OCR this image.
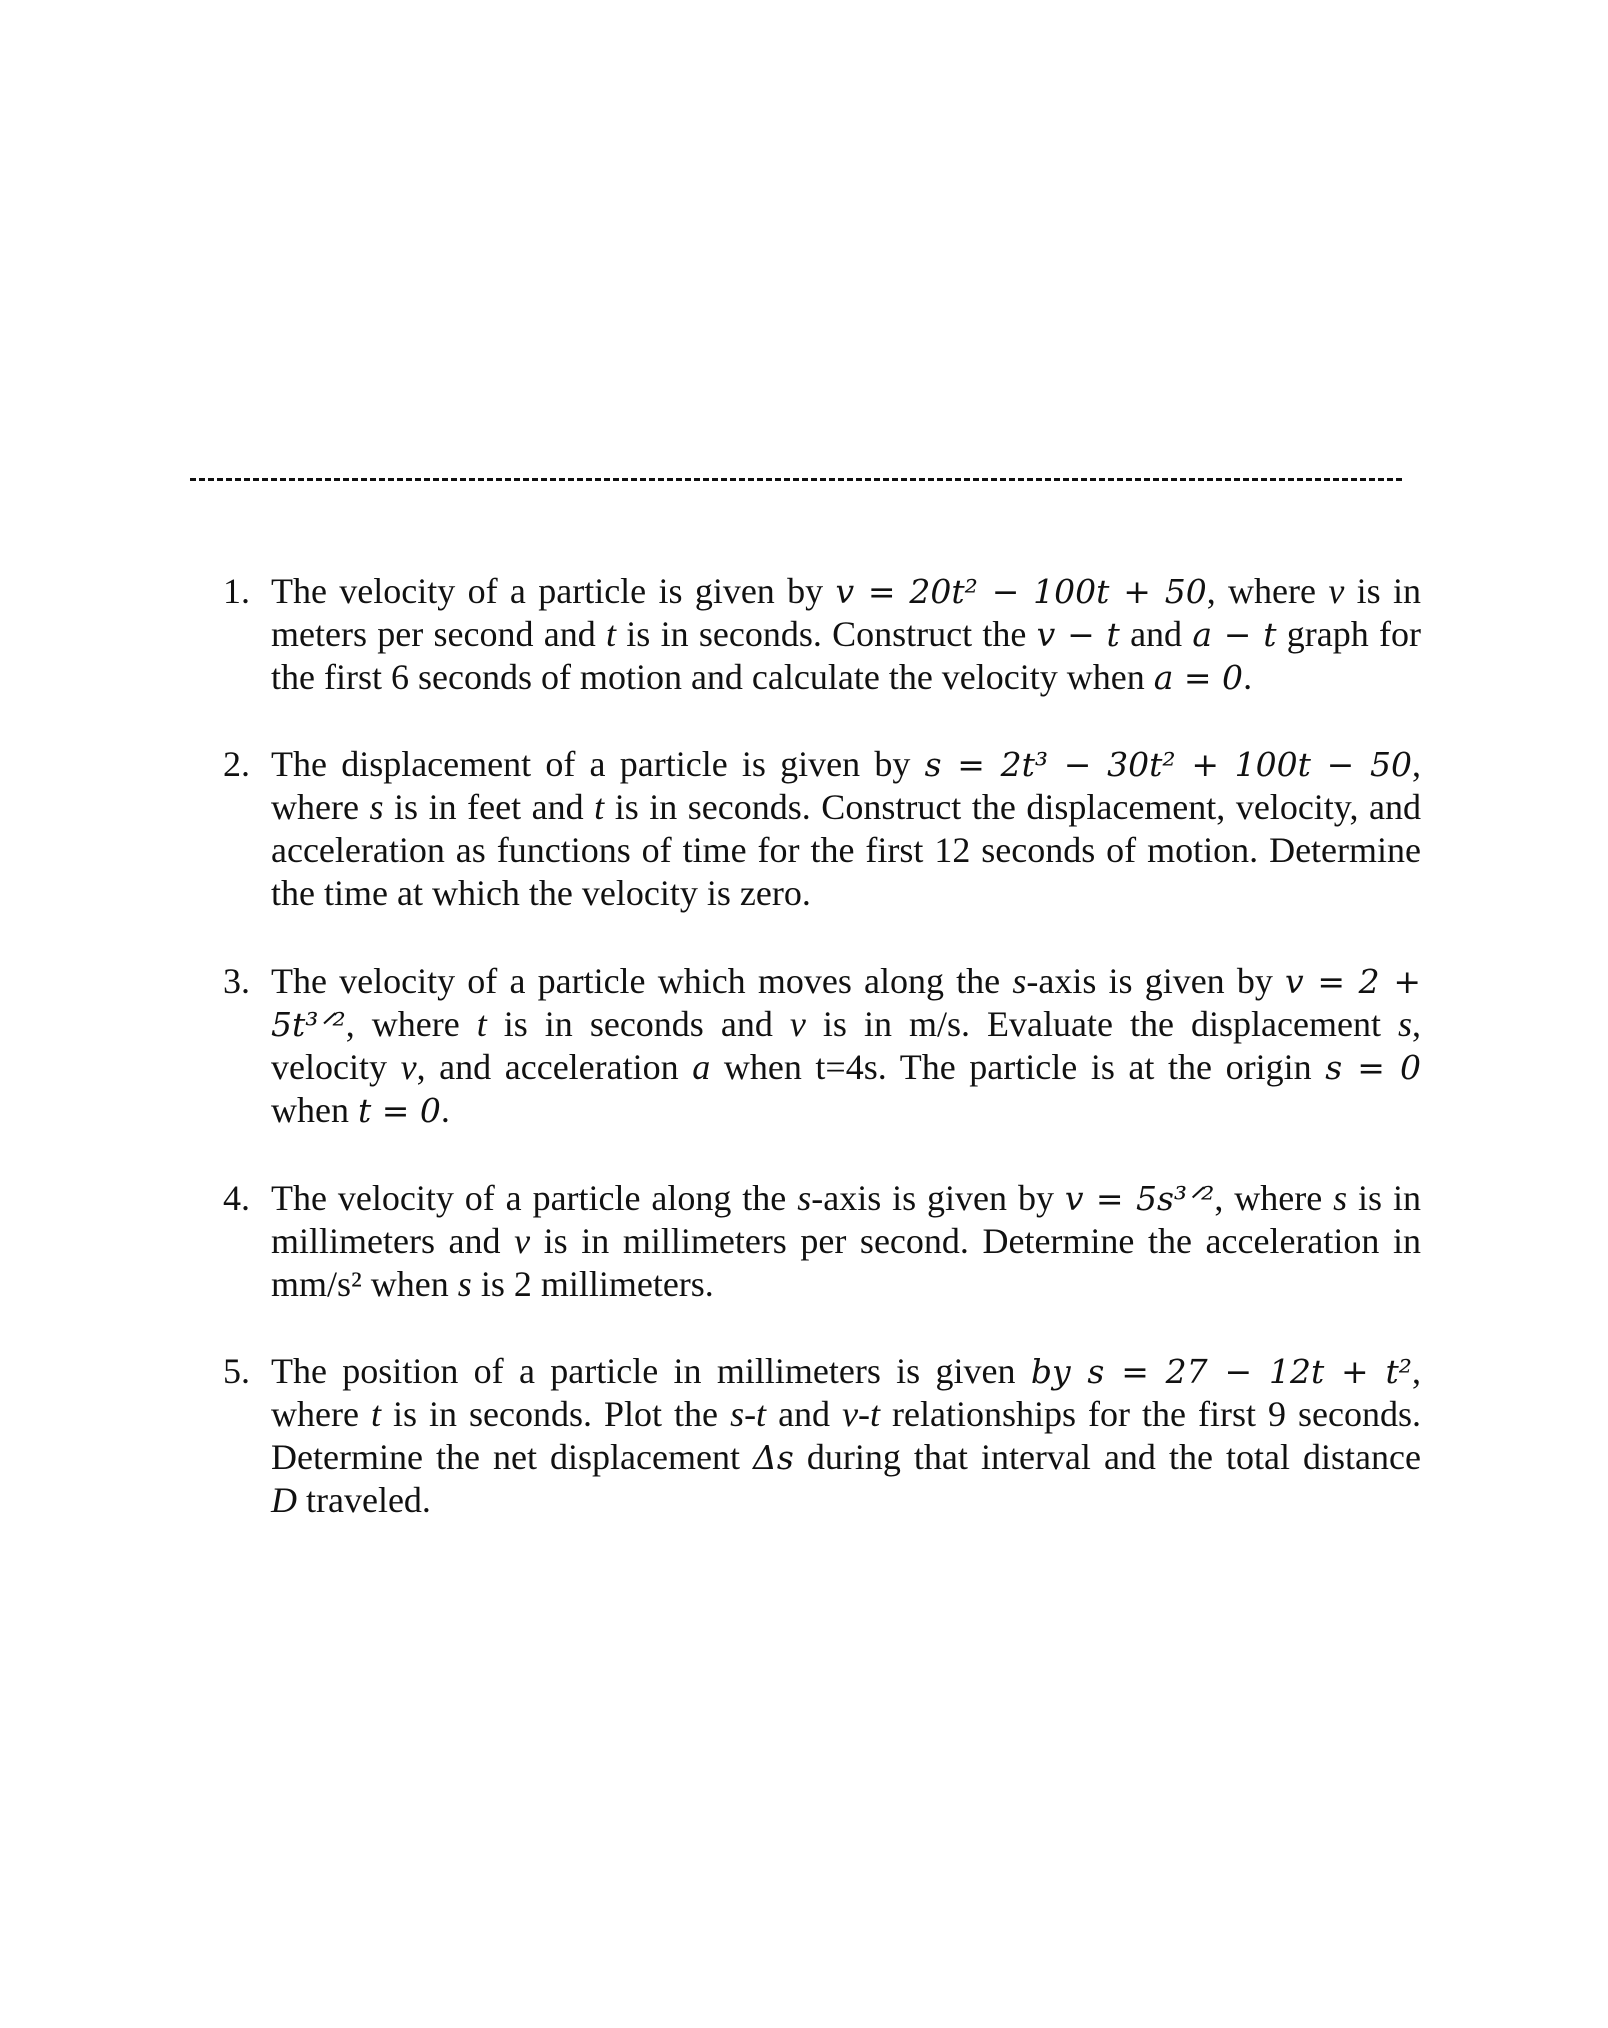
1. The velocity of a particle is given by v = 20t² − 100t + 50, where v is in
meters per second and t is in seconds. Construct the v − t and a − t graph for
the first 6 seconds of motion and calculate the velocity when a = 0.
2. The displacement of a particle is given by s = 2t³ − 30t² + 100t − 50,
where s is in feet and t is in seconds. Construct the displacement, velocity, and
acceleration as functions of time for the first 12 seconds of motion. Determine
the time at which the velocity is zero.
3. The velocity of a particle which moves along the s-axis is given by v = 2 +
5t³ᐟ², where t is in seconds and v is in m/s. Evaluate the displacement s,
velocity v, and acceleration a when t=4s. The particle is at the origin s = 0
when t = 0.
4. The velocity of a particle along the s-axis is given by v = 5s³ᐟ², where s is in
millimeters and v is in millimeters per second. Determine the acceleration in
mm/s² when s is 2 millimeters.
5. The position of a particle in millimeters is given by s = 27 − 12t + t²,
where t is in seconds. Plot the s-t and v-t relationships for the first 9 seconds.
Determine the net displacement Δs during that interval and the total distance
D traveled.
